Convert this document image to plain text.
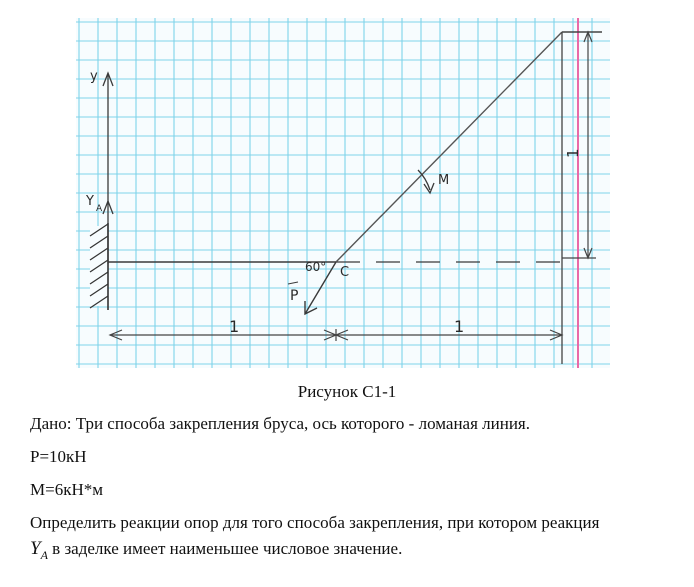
y
Y A
1
1	1
P
60° C
M
Рисунок С1-1
Дано: Три способа закрепления бруса, ось которого - ломаная линия.
P=10кН
M=6кН*м
Определить реакции опор для того способа закрепления, при котором реакция
$Y_A$ в заделке имеет наименьшее числовое значение.
